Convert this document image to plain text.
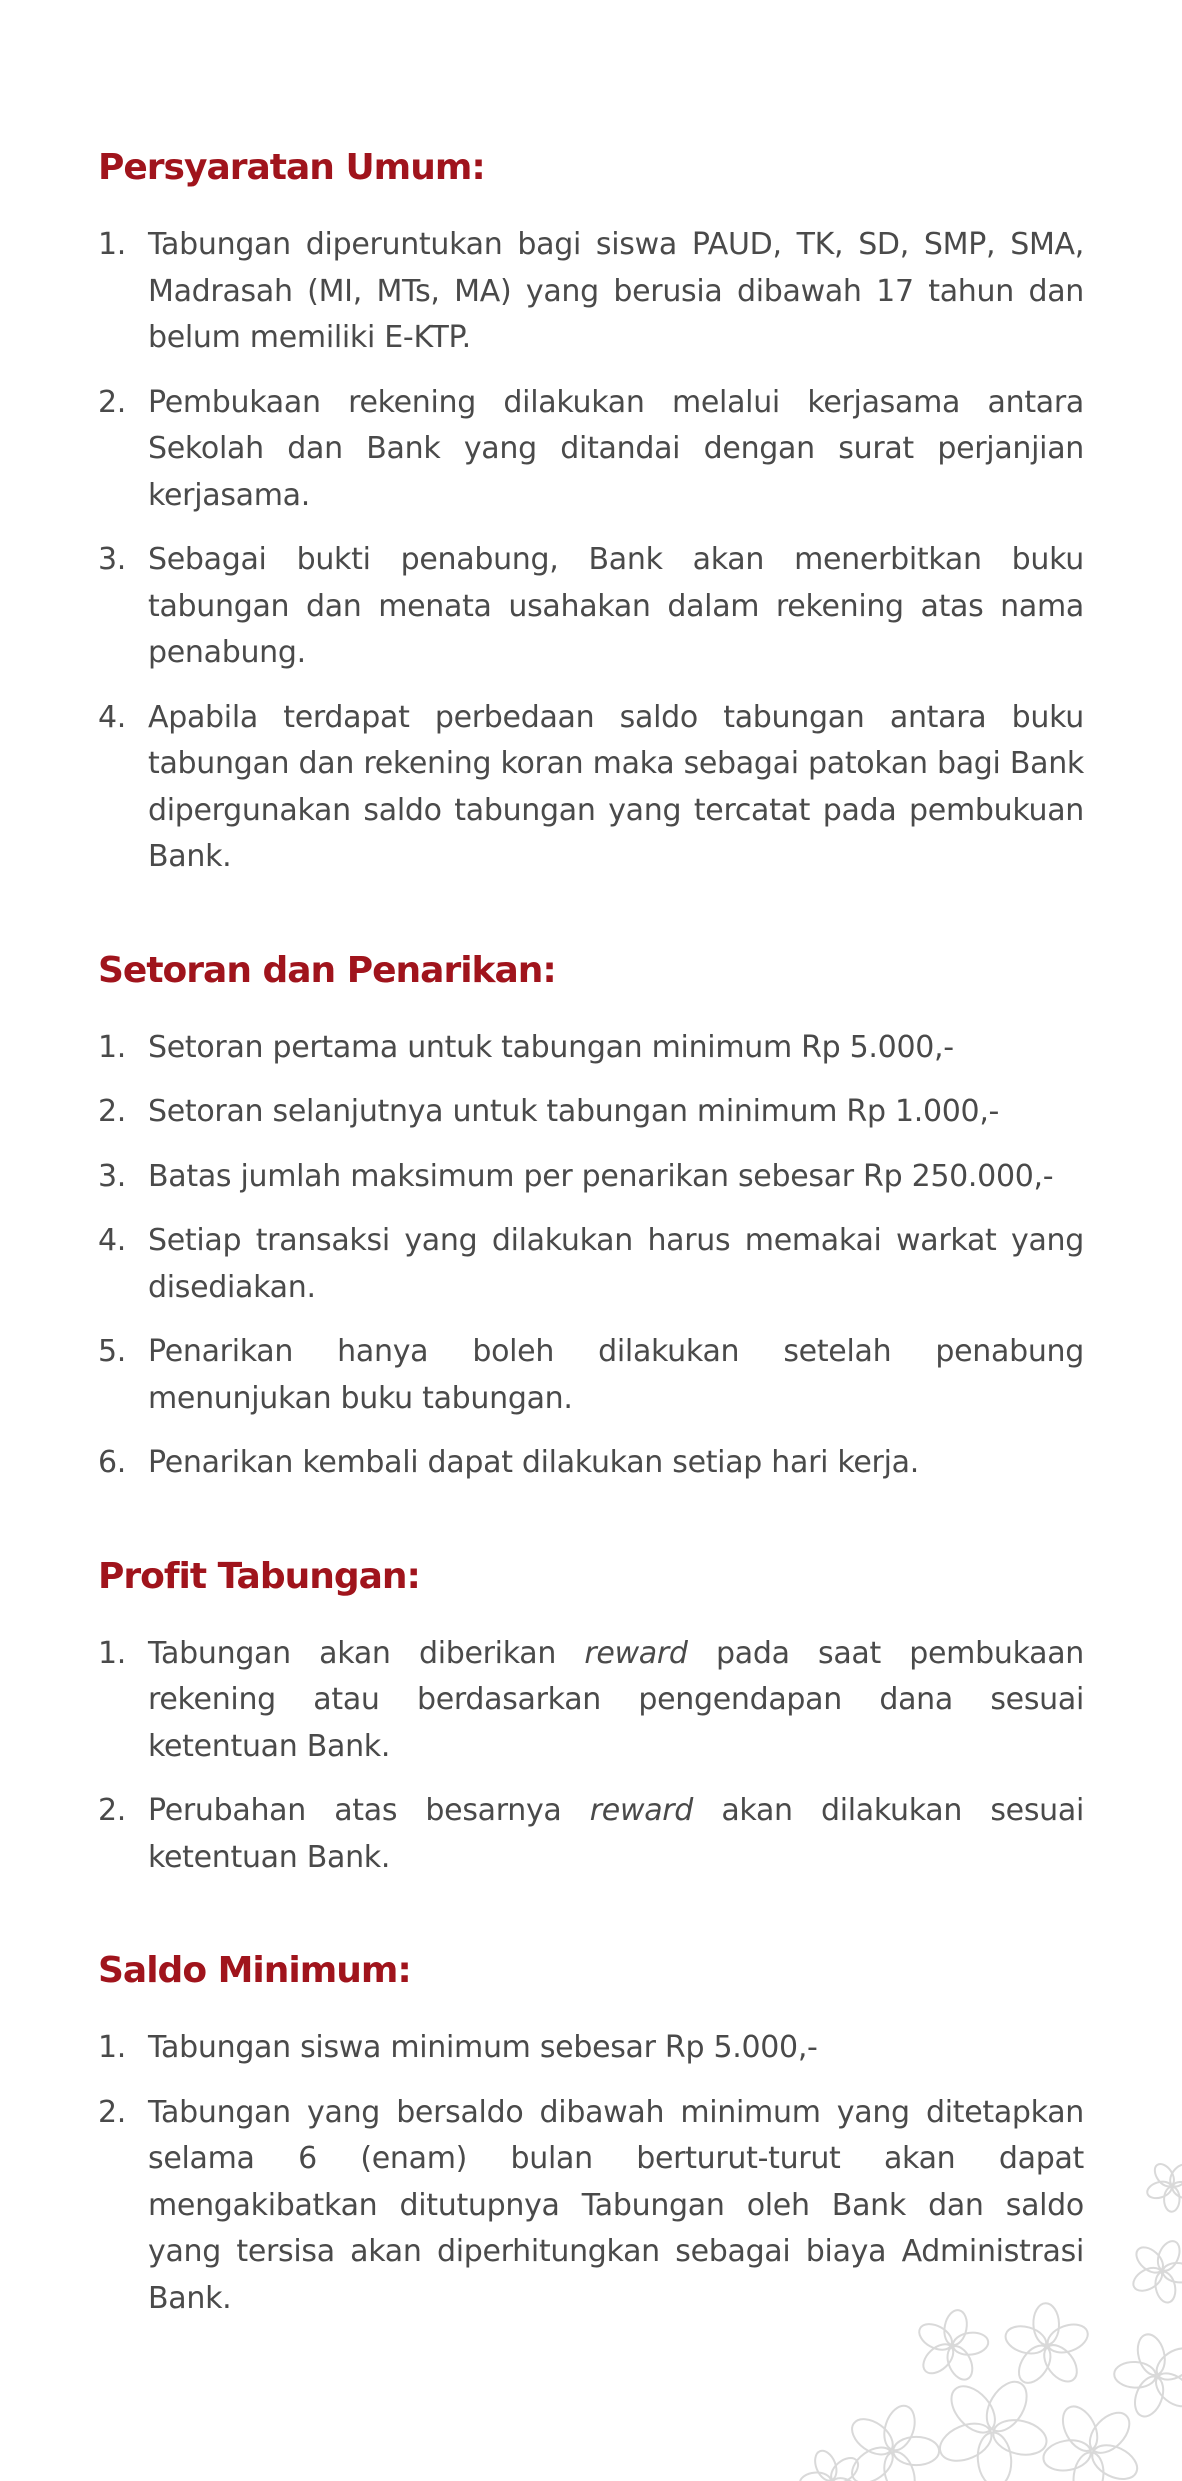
Persyaratan Umum:
1. Tabungan diperuntukan bagi siswa PAUD, TK, SD, SMP, SMA, Madrasah (MI, MTs, MA) yang berusia dibawah 17 tahun dan belum memiliki E-KTP.
2. Pembukaan rekening dilakukan melalui kerjasama antara Sekolah dan Bank yang ditandai dengan surat perjanjian kerjasama.
3. Sebagai bukti penabung, Bank akan menerbitkan buku tabungan dan menata usahakan dalam rekening atas nama penabung.
4. Apabila terdapat perbedaan saldo tabungan antara buku tabungan dan rekening koran maka sebagai patokan bagi Bank dipergunakan saldo tabungan yang tercatat pada pembukuan Bank.
Setoran dan Penarikan:
1. Setoran pertama untuk tabungan minimum Rp 5.000,-
2. Setoran selanjutnya untuk tabungan minimum Rp 1.000,-
3. Batas jumlah maksimum per penarikan sebesar Rp 250.000,-
4. Setiap transaksi yang dilakukan harus memakai warkat yang disediakan.
5. Penarikan hanya boleh dilakukan setelah penabung menunjukan buku tabungan.
6. Penarikan kembali dapat dilakukan setiap hari kerja.
Profit Tabungan:
1. Tabungan akan diberikan reward pada saat pembukaan rekening atau berdasarkan pengendapan dana sesuai ketentuan Bank.
2. Perubahan atas besarnya reward akan dilakukan sesuai ketentuan Bank.
Saldo Minimum:
1. Tabungan siswa minimum sebesar Rp 5.000,-
2. Tabungan yang bersaldo dibawah minimum yang ditetapkan selama 6 (enam) bulan berturut-turut akan dapat mengakibatkan ditutupnya Tabungan oleh Bank dan saldo yang tersisa akan diperhitungkan sebagai biaya Administrasi Bank.
